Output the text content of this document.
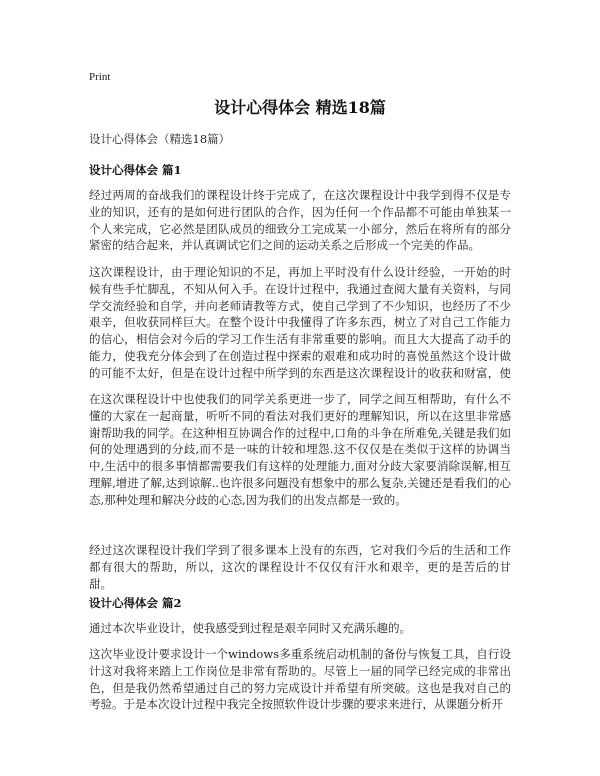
Print
设计心得体会 精选18篇
设计心得体会（精选18篇）
设计心得体会 篇1

经过两周的奋战我们的课程设计终于完成了，在这次课程设计中我学到得不仅是专业的知识，还有的是如何进行团队的合作，因为任何一个作品都不可能由单独某一个人来完成，它必然是团队成员的细致分工完成某一小部分，然后在将所有的部分紧密的结合起来，并认真调试它们之间的运动关系之后形成一个完美的作品。

这次课程设计，由于理论知识的不足，再加上平时没有什么设计经验，一开始的时候有些手忙脚乱，不知从何入手。在设计过程中，我通过查阅大量有关资料，与同学交流经验和自学，并向老师请教等方式，使自己学到了不少知识，也经历了不少艰辛，但收获同样巨大。在整个设计中我懂得了许多东西，树立了对自己工作能力的信心，相信会对今后的学习工作生活有非常重要的影响。而且大大提高了动手的能力，使我充分体会到了在创造过程中探索的艰难和成功时的喜悦虽然这个设计做的可能不太好，但是在设计过程中所学到的东西是这次课程设计的收获和财富，使

在这次课程设计中也使我们的同学关系更进一步了，同学之间互相帮助，有什么不懂的大家在一起商量，听听不同的看法对我们更好的理解知识，所以在这里非常感谢帮助我的同学。在这种相互协调合作的过程中,口角的斗争在所难免,关键是我们如何的处理遇到的分歧,而不是一味的计较和埋怨.这不仅仅是在类似于这样的协调当中,生活中的很多事情都需要我们有这样的处理能力,面对分歧大家要消除误解,相互理解,增进了解,达到谅解..也许很多问题没有想象中的那么复杂,关键还是看我们的心态,那种处理和解决分歧的心态,因为我们的出发点都是一致的。

经过这次课程设计我们学到了很多课本上没有的东西，它对我们今后的生活和工作都有很大的帮助，所以，这次的课程设计不仅仅有汗水和艰辛，更的是苦后的甘甜。

设计心得体会 篇2

通过本次毕业设计，使我感受到过程是艰辛同时又充满乐趣的。

这次毕业设计要求设计一个windows多重系统启动机制的备份与恢复工具，自行设计这对我将来踏上工作岗位是非常有帮助的。尽管上一届的同学已经完成的非常出色，但是我仍然希望通过自己的努力完成设计并希望有所突破。这也是我对自己的考验。于是本次设计过程中我完全按照软件设计步骤的要求来进行，从课题分析开
